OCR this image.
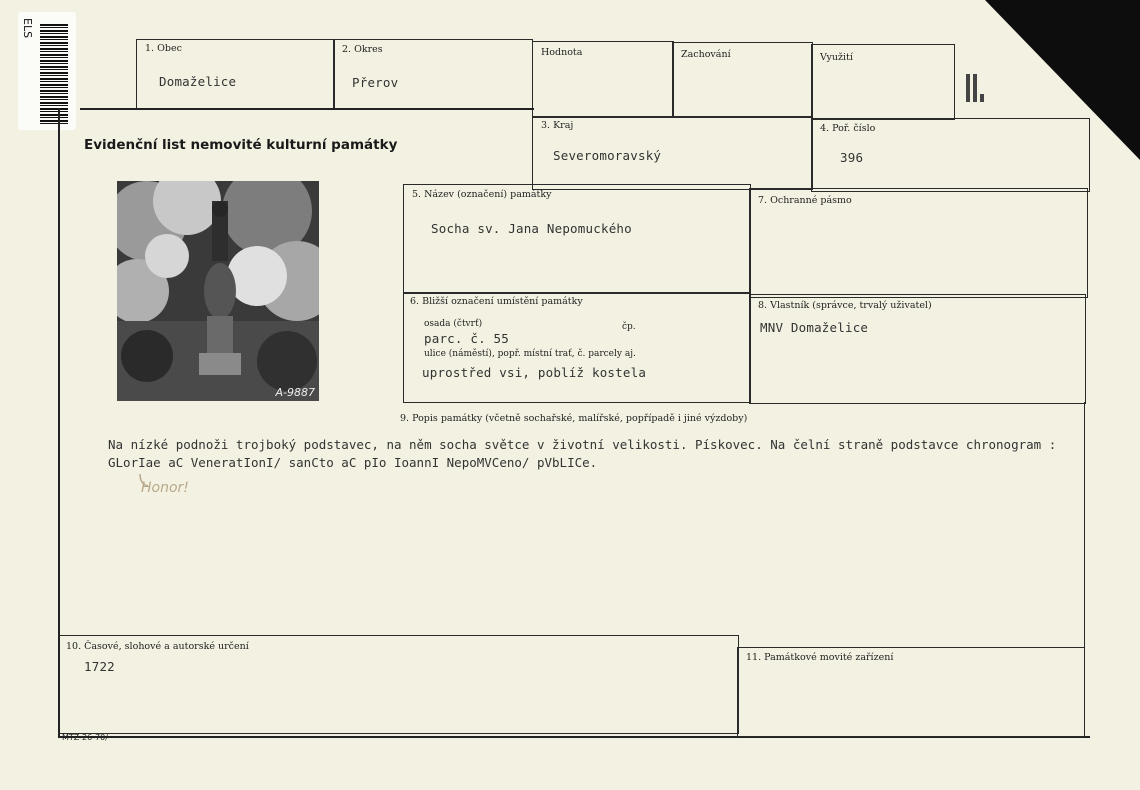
ELS
1. Obec
Domaželice
2. Okres
Přerov
Hodnota	Zachování	Využití
Evidenční list nemovité kulturní památky
3. Kraj
Severomoravský
4. Poř. číslo
396
A-9887
5. Název (označení) památky
Socha sv. Jana Nepomuckého
7. Ochranné pásmo
6. Bližší označení umístění památky
osada (čtvrť)	čp.
parc. č. 55
ulice (náměstí), popř. místní trať, č. parcely aj.
uprostřed vsi, poblíž kostela
8. Vlastník (správce, trvalý uživatel)
MNV Domaželice
9. Popis památky (včetně sochařské, malířské, popřípadě i jiné výzdoby)
Na nízké podnoži trojboký podstavec, na něm socha světce v životní velikosti. Pískovec. Na čelní straně podstavce chronogram :
GLorIae aC VeneratIonI/ sanCto aC pIo IoannI NepoMVCeno/ pVbLICe.
Honor!
10. Časové, slohové a autorské určení
1722
11. Památkové movité zařízení
MTZ-26-70/
